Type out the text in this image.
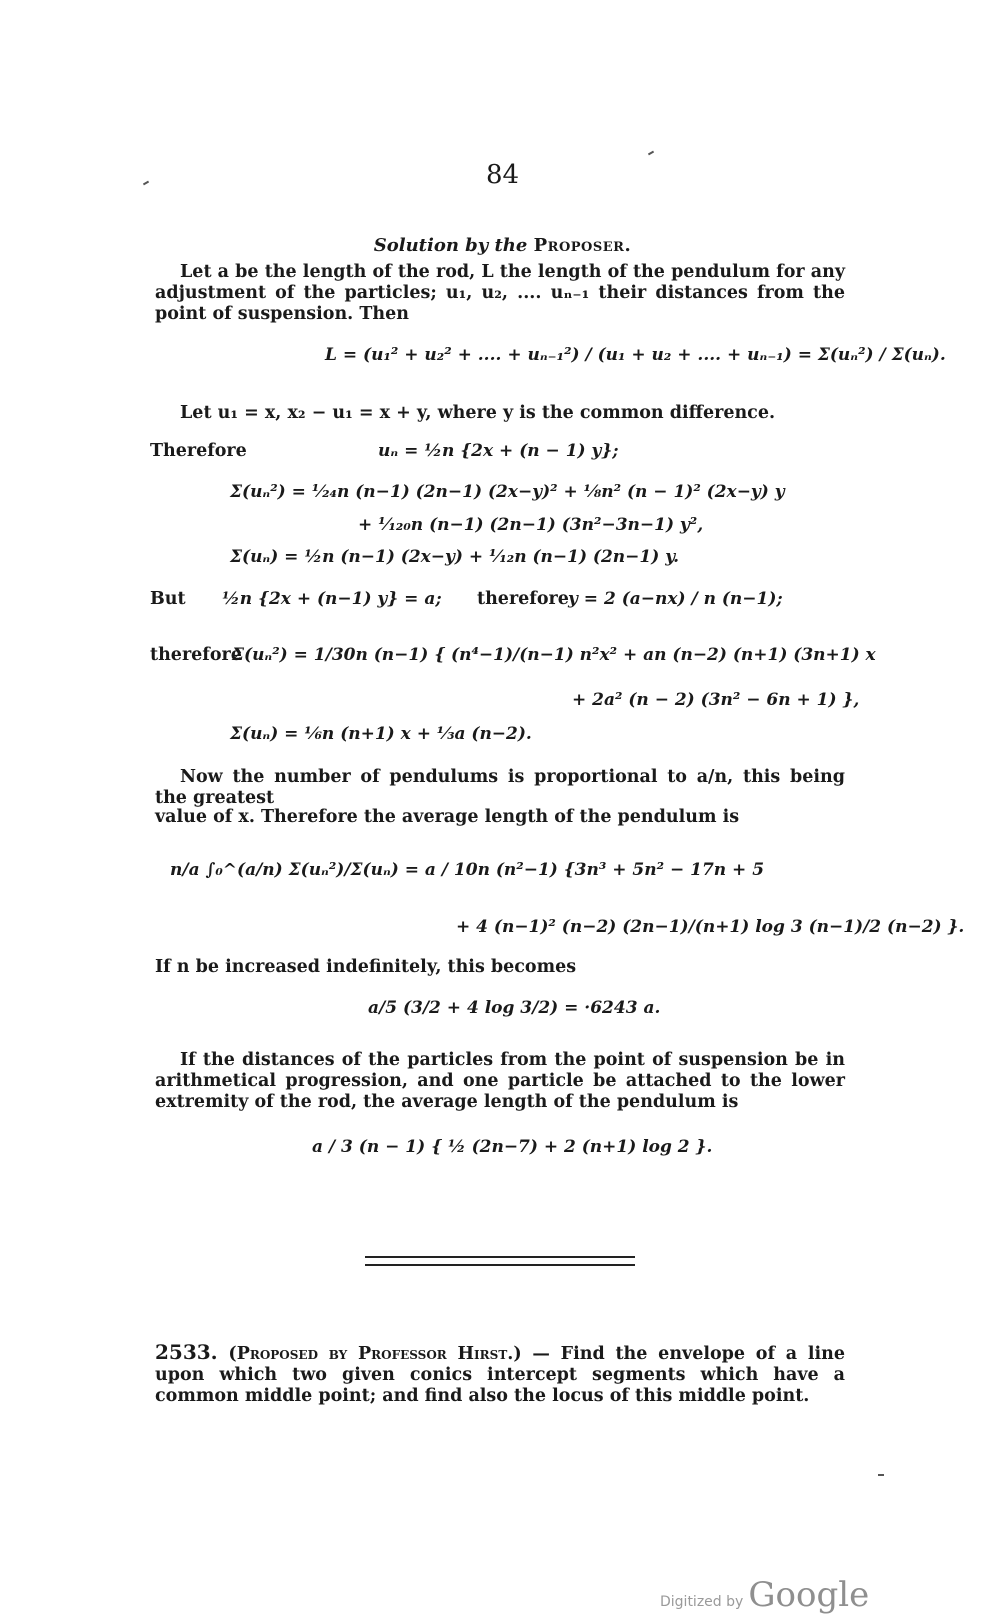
84
Solution by the Proposer.
Let a be the length of the rod, L the length of the pendulum for any adjustment of the particles; u₁, u₂, .... uₙ₋₁ their distances from the point of suspension. Then
L = (u₁² + u₂² + .... + uₙ₋₁²) / (u₁ + u₂ + .... + uₙ₋₁) = Σ(uₙ²) / Σ(uₙ).
Let u₁ = x, x₂ − u₁ = x + y, where y is the common difference.
Therefore	uₙ = ½n {2x + (n − 1) y};
Σ(uₙ²) = ¹⁄₂₄n (n−1) (2n−1) (2x−y)² + ⅛n² (n − 1)² (2x−y) y
+ ¹⁄₁₂₀n (n−1) (2n−1) (3n²−3n−1) y²,
Σ(uₙ) = ½n (n−1) (2x−y) + ¹⁄₁₂n (n−1) (2n−1) y.
But ½n {2x + (n−1) y} = a; therefore y = 2 (a−nx) / n (n−1);
therefore
Σ(uₙ²) = 1/30n (n−1) { (n⁴−1)/(n−1) n²x² + an (n−2) (n+1) (3n+1) x
+ 2a² (n − 2) (3n² − 6n + 1) },
Σ(uₙ) = ⅙n (n+1) x + ⅓a (n−2).
Now the number of pendulums is proportional to a/n, this being the greatest
value of x. Therefore the average length of the pendulum is
n/a ∫₀^(a/n) Σ(uₙ²)/Σ(uₙ) = a / 10n (n²−1) {3n³ + 5n² − 17n + 5
+ 4 (n−1)² (n−2) (2n−1)/(n+1) log 3 (n−1)/2 (n−2) }.
If n be increased indefinitely, this becomes
a/5 (3/2 + 4 log 3/2) = ·6243 a.
If the distances of the particles from the point of suspension be in arithmetical progression, and one particle be attached to the lower extremity of the rod, the average length of the pendulum is
a / 3 (n − 1) { ½ (2n−7) + 2 (n+1) log 2 }.
2533. (Proposed by Professor Hirst.) — Find the envelope of a line upon which two given conics intercept segments which have a common middle point; and find also the locus of this middle point.
Digitized by Google
